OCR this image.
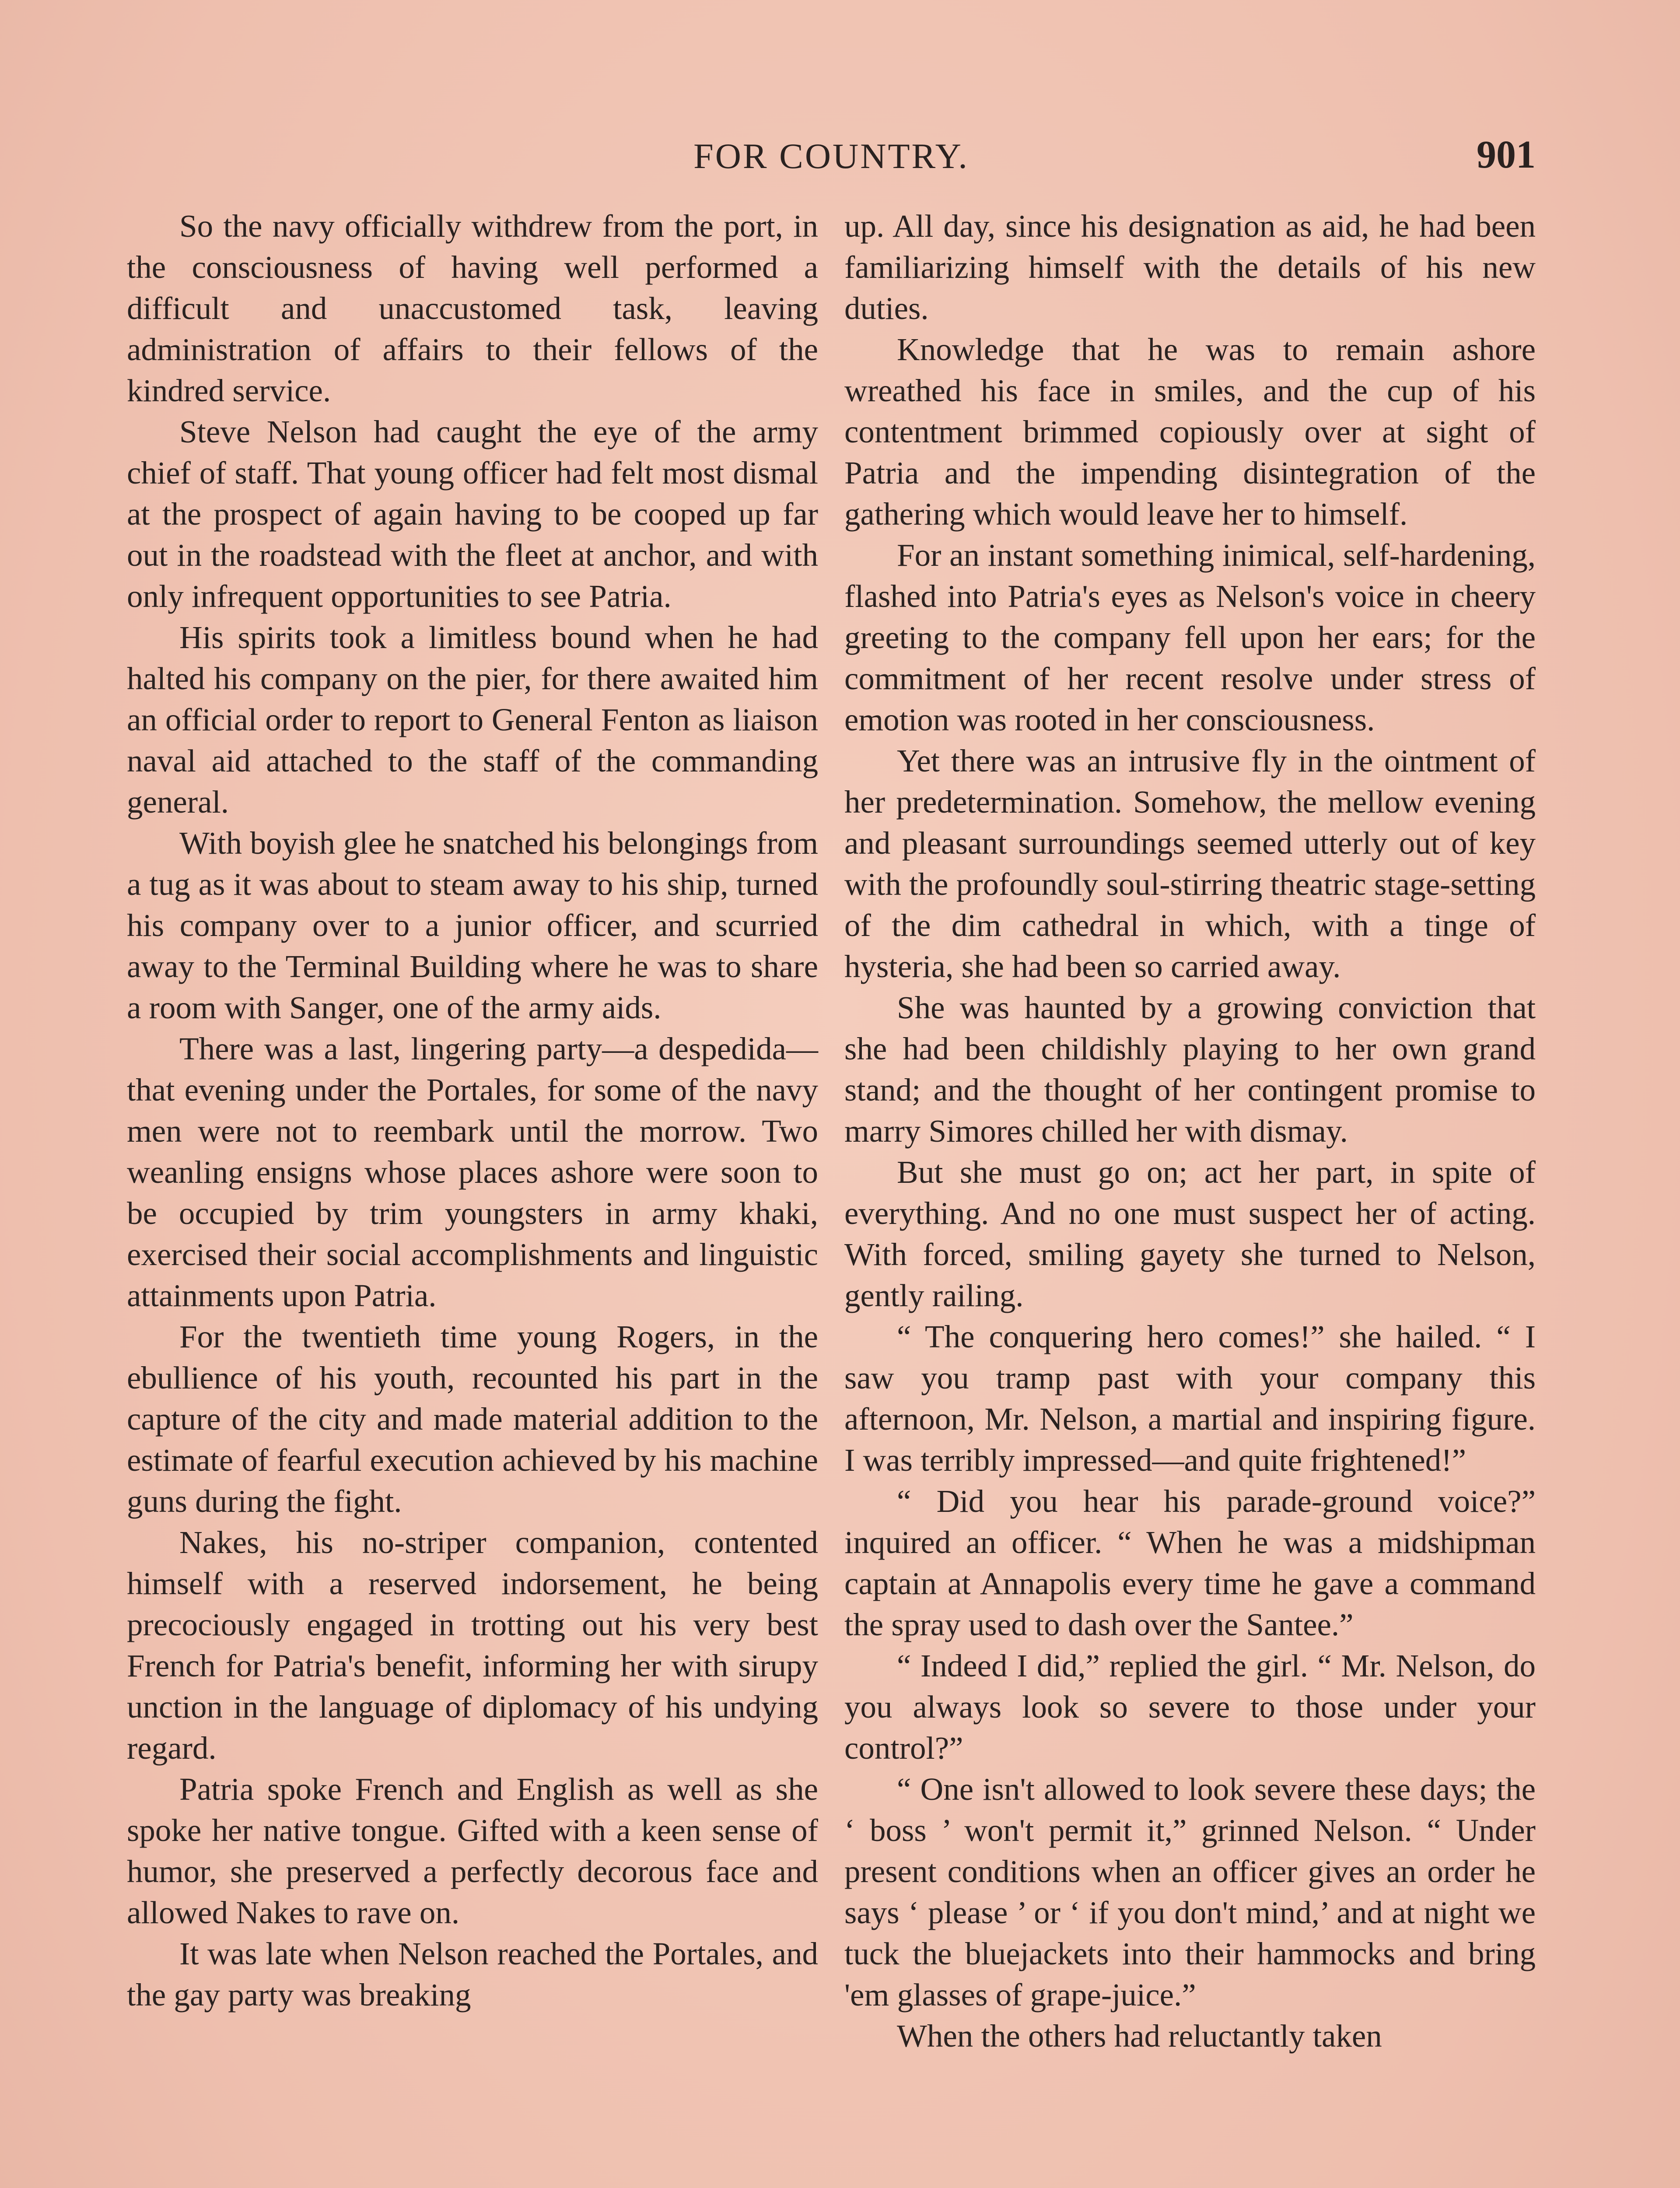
FOR COUNTRY.	901

So the navy officially withdrew from the port, in the consciousness of having well performed a difficult and unaccustomed task, leaving administration of affairs to their fellows of the kindred service.

Steve Nelson had caught the eye of the army chief of staff. That young officer had felt most dismal at the prospect of again having to be cooped up far out in the roadstead with the fleet at anchor, and with only infrequent opportunities to see Patria.

His spirits took a limitless bound when he had halted his company on the pier, for there awaited him an official order to report to General Fenton as liaison naval aid attached to the staff of the commanding general.

With boyish glee he snatched his belongings from a tug as it was about to steam away to his ship, turned his company over to a junior officer, and scurried away to the Terminal Building where he was to share a room with Sanger, one of the army aids.

There was a last, lingering party—a despedida—that evening under the Portales, for some of the navy men were not to reembark until the morrow. Two weanling ensigns whose places ashore were soon to be occupied by trim youngsters in army khaki, exercised their social accomplishments and linguistic attainments upon Patria.

For the twentieth time young Rogers, in the ebullience of his youth, recounted his part in the capture of the city and made material addition to the estimate of fearful execution achieved by his machine guns during the fight.

Nakes, his no-striper companion, contented himself with a reserved indorsement, he being precociously engaged in trotting out his very best French for Patria's benefit, informing her with sirupy unction in the language of diplomacy of his undying regard.

Patria spoke French and English as well as she spoke her native tongue. Gifted with a keen sense of humor, she preserved a perfectly decorous face and allowed Nakes to rave on.

It was late when Nelson reached the Portales, and the gay party was breaking

up. All day, since his designation as aid, he had been familiarizing himself with the details of his new duties.

Knowledge that he was to remain ashore wreathed his face in smiles, and the cup of his contentment brimmed copiously over at sight of Patria and the impending disintegration of the gathering which would leave her to himself.

For an instant something inimical, self-hardening, flashed into Patria's eyes as Nelson's voice in cheery greeting to the company fell upon her ears; for the commitment of her recent resolve under stress of emotion was rooted in her consciousness.

Yet there was an intrusive fly in the ointment of her predetermination. Somehow, the mellow evening and pleasant surroundings seemed utterly out of key with the profoundly soul-stirring theatric stage-setting of the dim cathedral in which, with a tinge of hysteria, she had been so carried away.

She was haunted by a growing conviction that she had been childishly playing to her own grand stand; and the thought of her contingent promise to marry Simores chilled her with dismay.

But she must go on; act her part, in spite of everything. And no one must suspect her of acting. With forced, smiling gayety she turned to Nelson, gently railing.

“ The conquering hero comes!” she hailed. “ I saw you tramp past with your company this afternoon, Mr. Nelson, a martial and inspiring figure. I was terribly impressed—and quite frightened!”

“ Did you hear his parade-ground voice?” inquired an officer. “ When he was a midshipman captain at Annapolis every time he gave a command the spray used to dash over the Santee.”

“ Indeed I did,” replied the girl. “ Mr. Nelson, do you always look so severe to those under your control?”

“ One isn't allowed to look severe these days; the ‘ boss ’ won't permit it,” grinned Nelson. “ Under present conditions when an officer gives an order he says ‘ please ’ or ‘ if you don't mind,’ and at night we tuck the bluejackets into their hammocks and bring 'em glasses of grape-juice.”

When the others had reluctantly taken
